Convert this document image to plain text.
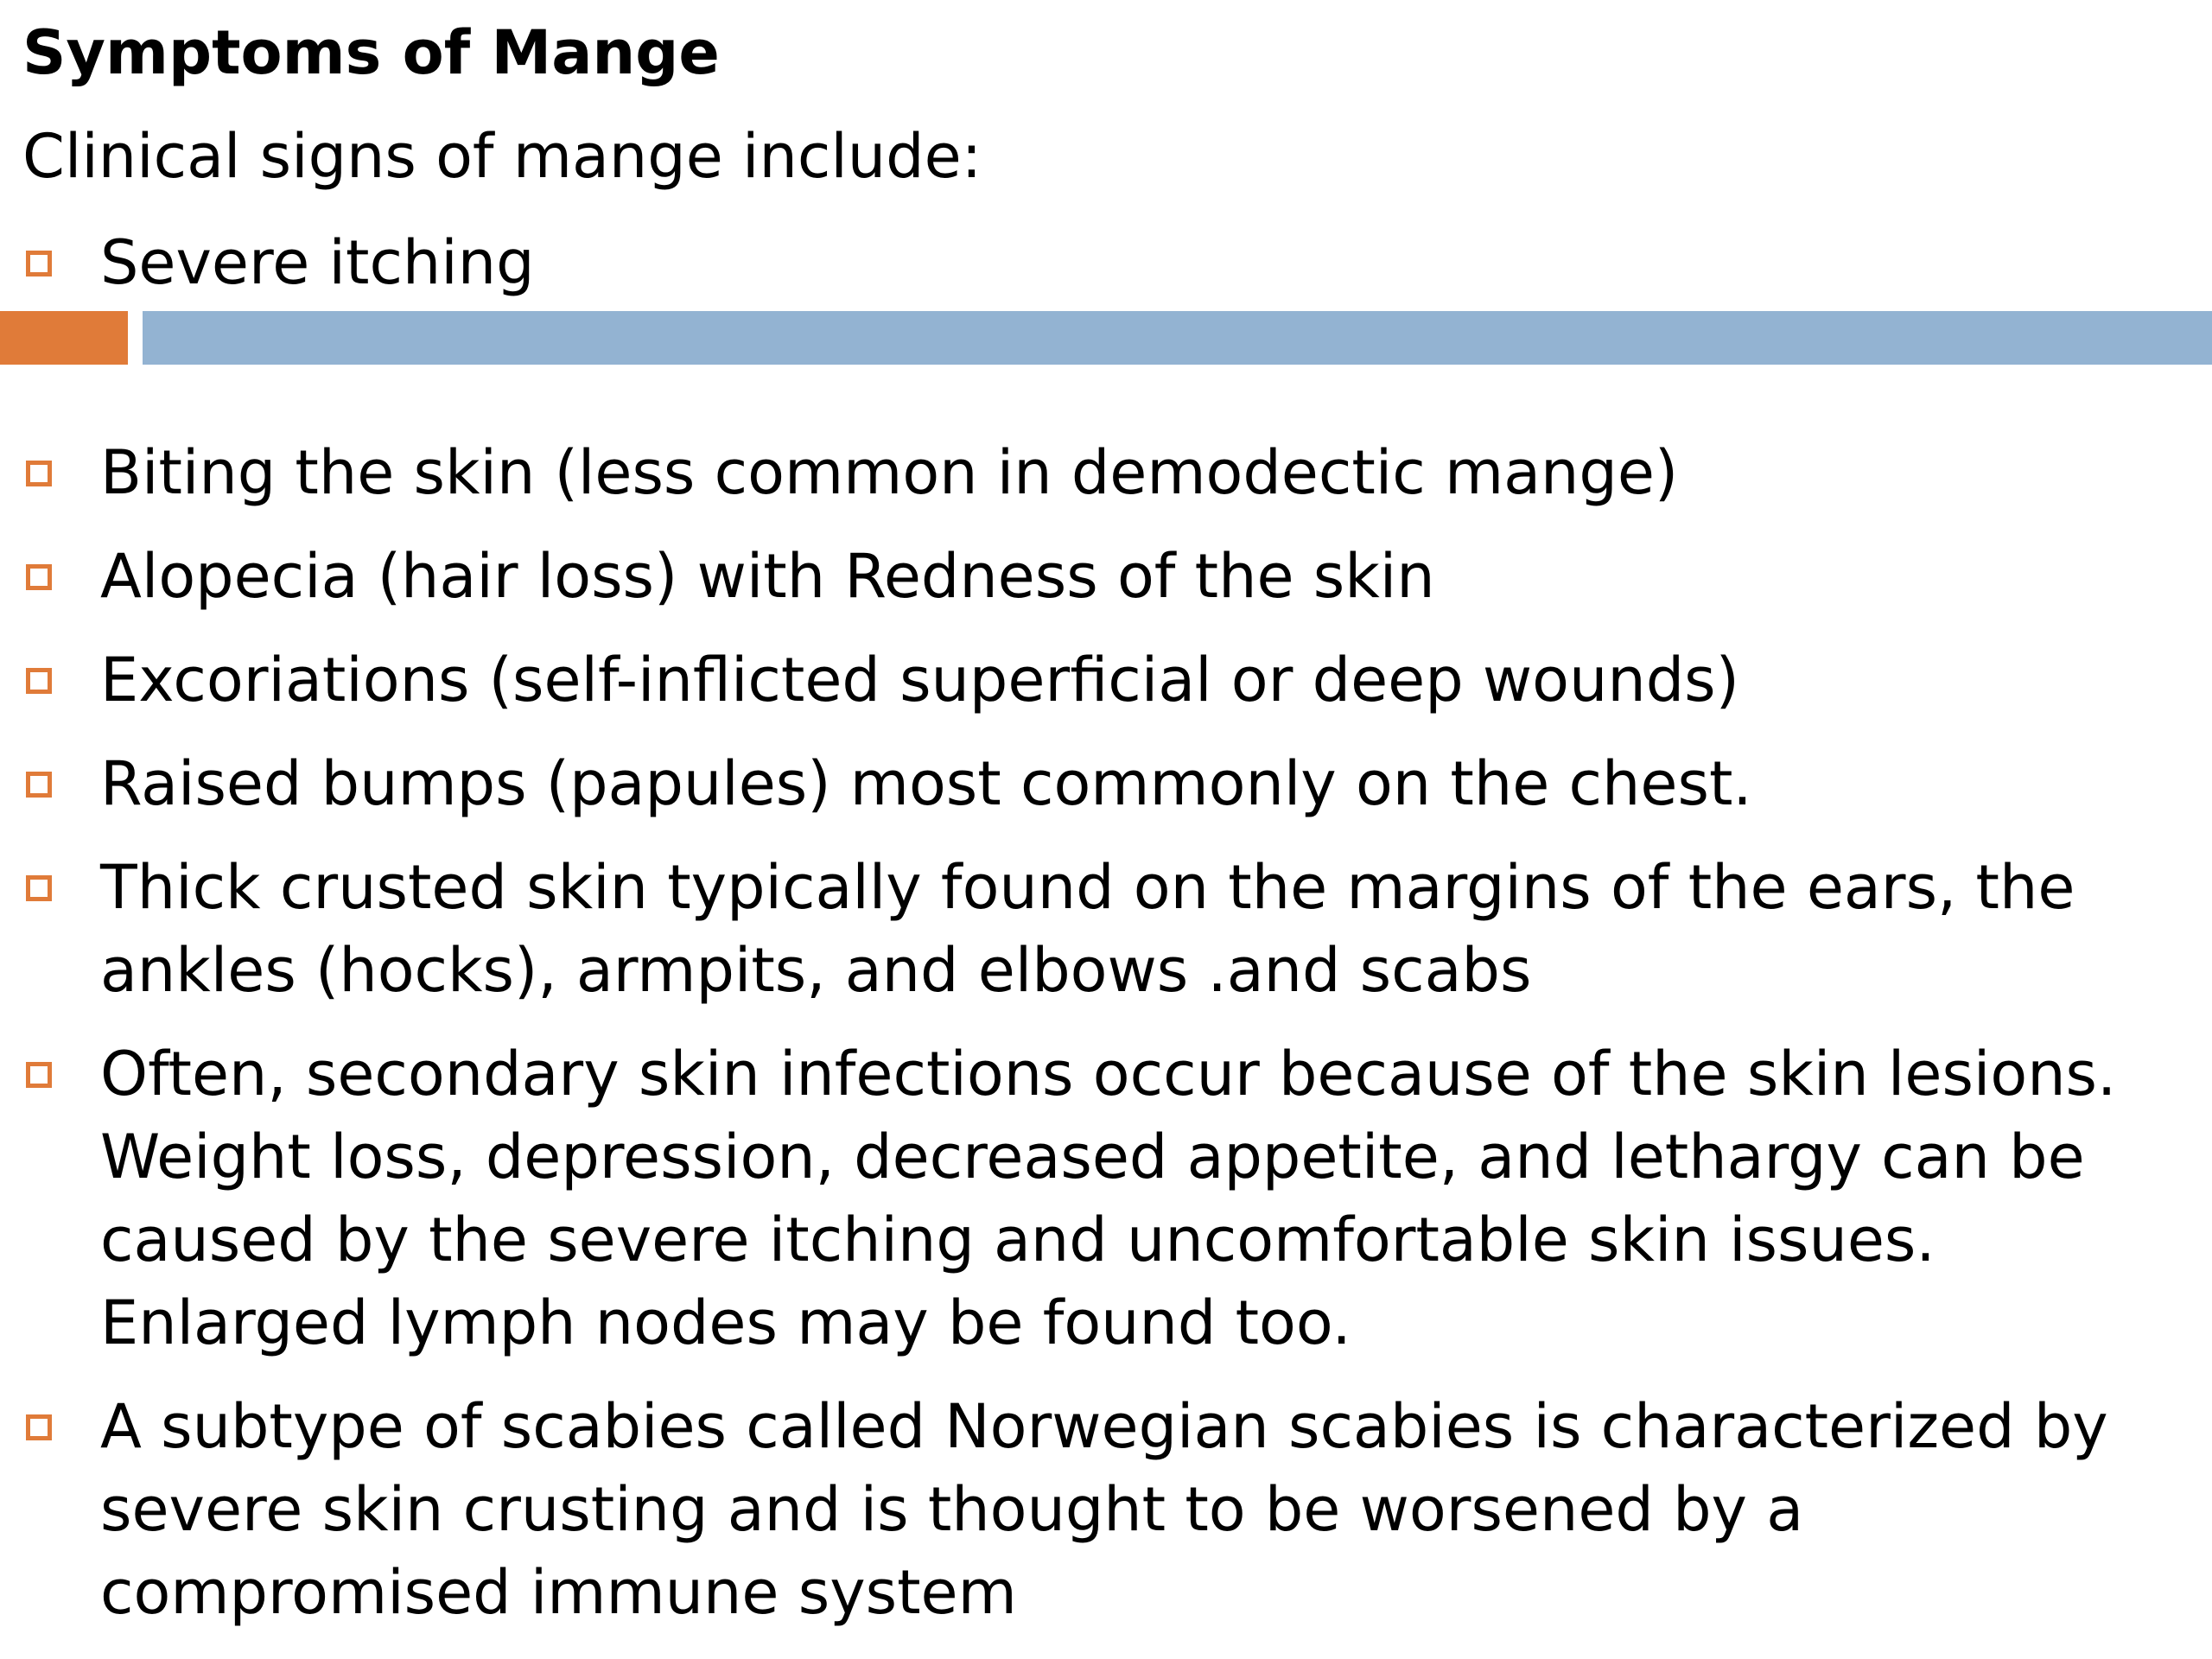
Symptoms of Mange
Clinical signs of mange include:
Severe itching
Biting the skin (less common in demodectic mange)
Alopecia (hair loss) with Redness of the skin
Excoriations (self-inflicted superficial or deep wounds)
Raised bumps (papules) most commonly on the chest.
Thick crusted skin typically found on the margins of the ears, the ankles (hocks), armpits, and elbows .and scabs
Often, secondary skin infections occur because of the skin lesions. Weight loss, depression, decreased appetite, and lethargy can be caused by the severe itching and uncomfortable skin issues. Enlarged lymph nodes may be found too.
A subtype of scabies called Norwegian scabies is characterized by severe skin crusting and is thought to be worsened by a compromised immune system
